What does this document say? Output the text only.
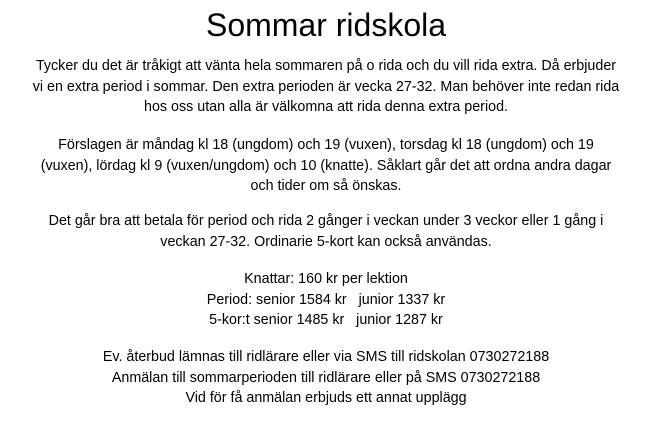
Sommar ridskola

Tycker du det är tråkigt att vänta hela sommaren på o rida och du vill rida extra. Då erbjuder
vi en extra period i sommar. Den extra perioden är vecka 27-32. Man behöver inte redan rida
hos oss utan alla är välkomna att rida denna extra period.

Förslagen är måndag kl 18 (ungdom) och 19 (vuxen), torsdag kl 18 (ungdom) och 19
(vuxen), lördag kl 9 (vuxen/ungdom) och 10 (knatte). Såklart går det att ordna andra dagar
och tider om så önskas.

Det går bra att betala för period och rida 2 gånger i veckan under 3 veckor eller 1 gång i
veckan 27-32. Ordinarie 5-kort kan också användas.

Knattar: 160 kr per lektion
Period: senior 1584 kr   junior 1337 kr
5-kor:t senior 1485 kr   junior 1287 kr

Ev. återbud lämnas till ridlärare eller via SMS till ridskolan 0730272188
Anmälan till sommarperioden till ridlärare eller på SMS 0730272188
Vid för få anmälan erbjuds ett annat upplägg
